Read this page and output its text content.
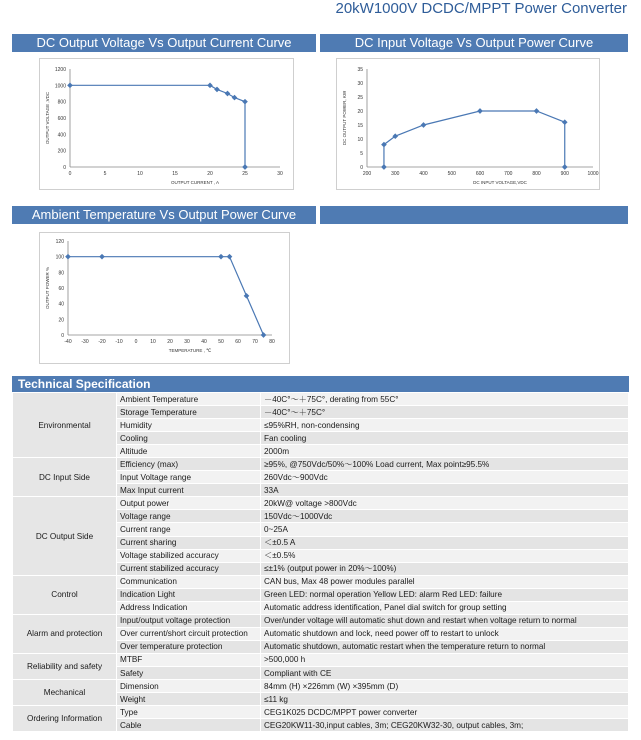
20kW1000V DCDC/MPPT Power Converter
DC Output Voltage Vs Output Current Curve	DC Input Voltage Vs Output Power Curve
Ambient Temperature Vs Output Power Curve
0
200
400
600
800
1000
1200
0	5	10	15	20	25	30
OUTPUT VOLTAGE ,VDC
OUTPUT CURRENT , A
0
5
10
15
20
25
30
35
200	300	400	500	600	700	800	900	1000
DC OUTPUT POWER, KW
DC INPUT VOLTAGE,VDC
0
20
40
60
80
100
120
-40 -30 -20 -10 0	10 20 30 40 50 60 70 80
OUTPUT POWER %
TEMPERATURE , ℃
Technical Specification
Environmental	Ambient Temperature	－40C°～＋75C°, derating from 55C°
	Storage Temperature	－40C°～＋75C°
	Humidity	≤95%RH, non-condensing
	Cooling	Fan cooling
	Altitude	2000m
DC Input Side	Efficiency (max)	≥95%, @750Vdc/50%～100% Load current, Max point≥95.5%
	Input Voltage range	260Vdc～900Vdc
	Max Input current	33A
DC Output Side	Output power	20kW@ voltage >800Vdc
	Voltage range	150Vdc～1000Vdc
	Current range	0~25A
	Current sharing	＜±0.5 A
	Voltage stabilized accuracy	＜±0.5%
	Current stabilized accuracy	≤±1% (output power in 20%～100%)
Control	Communication	CAN bus, Max 48 power modules parallel
	Indication Light	Green LED: normal operation Yellow LED: alarm Red LED: failure
	Address Indication	Automatic address identification, Panel dial switch for group setting
Alarm and protection	Input/output voltage protection	Over/under voltage will automatic shut down and restart when voltage return to normal
	Over current/short circuit protection	Automatic shutdown and lock, need power off to restart to unlock
	Over temperature protection	Automatic shutdown, automatic restart when the temperature return to normal
Reliability and safety	MTBF	>500,000 h
	Safety	Compliant with CE
Mechanical	Dimension	84mm (H) ×226mm (W) ×395mm (D)
	Weight	≤11 kg
Ordering Information	Type	CEG1K025 DCDC/MPPT power converter
	Cable	CEG20KW11-30,input cables, 3m; CEG20KW32-30, output cables, 3m;
